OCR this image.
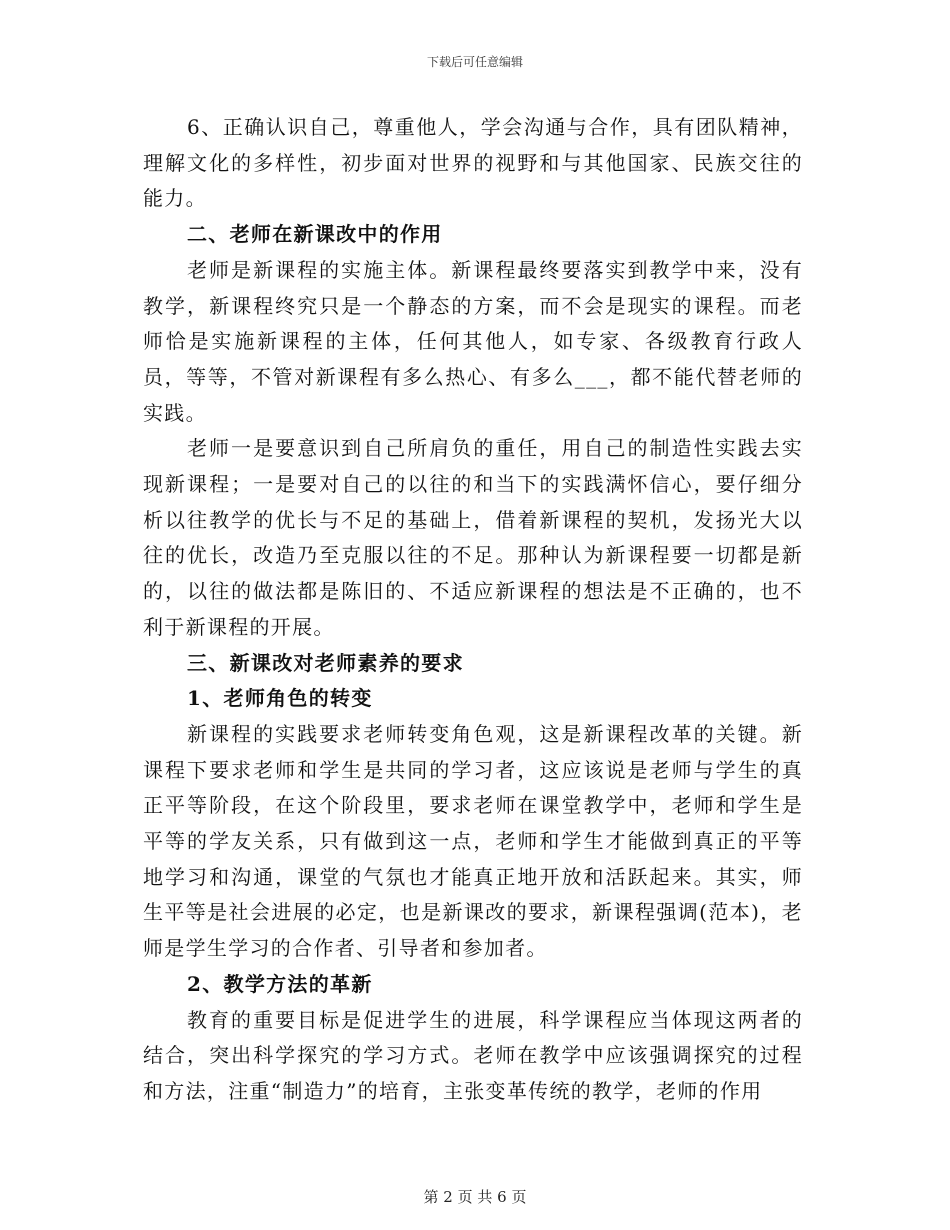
下载后可任意编辑

6、正确认识自己，尊重他人，学会沟通与合作，具有团队精神，理解文化的多样性，初步面对世界的视野和与其他国家、民族交往的能力。

二、老师在新课改中的作用

老师是新课程的实施主体。新课程最终要落实到教学中来，没有教学，新课程终究只是一个静态的方案，而不会是现实的课程。而老师恰是实施新课程的主体，任何其他人，如专家、各级教育行政人员，等等，不管对新课程有多么热心、有多么___，都不能代替老师的实践。

老师一是要意识到自己所肩负的重任，用自己的制造性实践去实现新课程；一是要对自己的以往的和当下的实践满怀信心，要仔细分析以往教学的优长与不足的基础上，借着新课程的契机，发扬光大以往的优长，改造乃至克服以往的不足。那种认为新课程要一切都是新的，以往的做法都是陈旧的、不适应新课程的想法是不正确的，也不利于新课程的开展。

三、新课改对老师素养的要求

1、老师角色的转变

新课程的实践要求老师转变角色观，这是新课程改革的关键。新课程下要求老师和学生是共同的学习者，这应该说是老师与学生的真正平等阶段，在这个阶段里，要求老师在课堂教学中，老师和学生是平等的学友关系，只有做到这一点，老师和学生才能做到真正的平等地学习和沟通，课堂的气氛也才能真正地开放和活跃起来。其实，师生平等是社会进展的必定，也是新课改的要求，新课程强调(范本)，老师是学生学习的合作者、引导者和参加者。

2、教学方法的革新

教育的重要目标是促进学生的进展，科学课程应当体现这两者的结合，突出科学探究的学习方式。老师在教学中应该强调探究的过程和方法，注重“制造力”的培育，主张变革传统的教学，老师的作用

第 2 页 共 6 页
